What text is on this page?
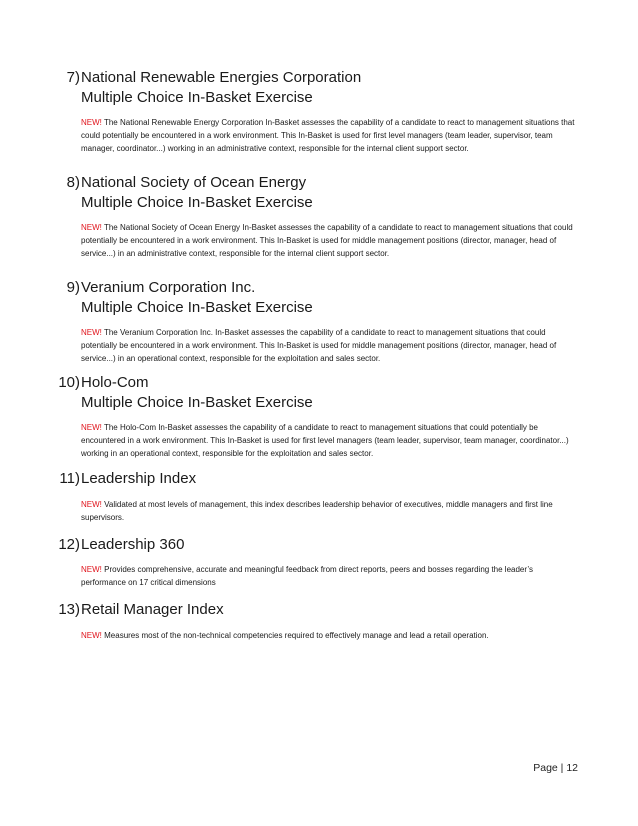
7) National Renewable Energies Corporation
Multiple Choice In-Basket Exercise
NEW! The National Renewable Energy Corporation In-Basket assesses the capability of a candidate to react to management situations that could potentially be encountered in a work environment. This In-Basket is used for first level managers (team leader, supervisor, team manager, coordinator...) working in an administrative context, responsible for the internal client support sector.
8) National Society of Ocean Energy
Multiple Choice In-Basket Exercise
NEW! The National Society of Ocean Energy In-Basket assesses the capability of a candidate to react to management situations that could potentially be encountered in a work environment. This In-Basket is used for middle management positions (director, manager, head of service...) in an administrative context, responsible for the internal client support sector.
9) Veranium Corporation Inc.
Multiple Choice In-Basket Exercise
NEW! The Veranium Corporation Inc. In-Basket assesses the capability of a candidate to react to management situations that could potentially be encountered in a work environment. This In-Basket is used for middle management positions (director, manager, head of service...) in an operational context, responsible for the exploitation and sales sector.
10) Holo-Com
Multiple Choice In-Basket Exercise
NEW! The Holo-Com In-Basket assesses the capability of a candidate to react to management situations that could potentially be encountered in a work environment. This In-Basket is used for first level managers (team leader, supervisor, team manager, coordinator...) working in an operational context, responsible for the exploitation and sales sector.
11) Leadership Index
NEW! Validated at most levels of management, this index describes leadership behavior of executives, middle managers and first line supervisors.
12) Leadership 360
NEW! Provides comprehensive, accurate and meaningful feedback from direct reports, peers and bosses regarding the leader’s performance on 17 critical dimensions
13) Retail Manager Index
NEW! Measures most of the non-technical competencies required to effectively manage and lead a retail operation.
Page | 12
